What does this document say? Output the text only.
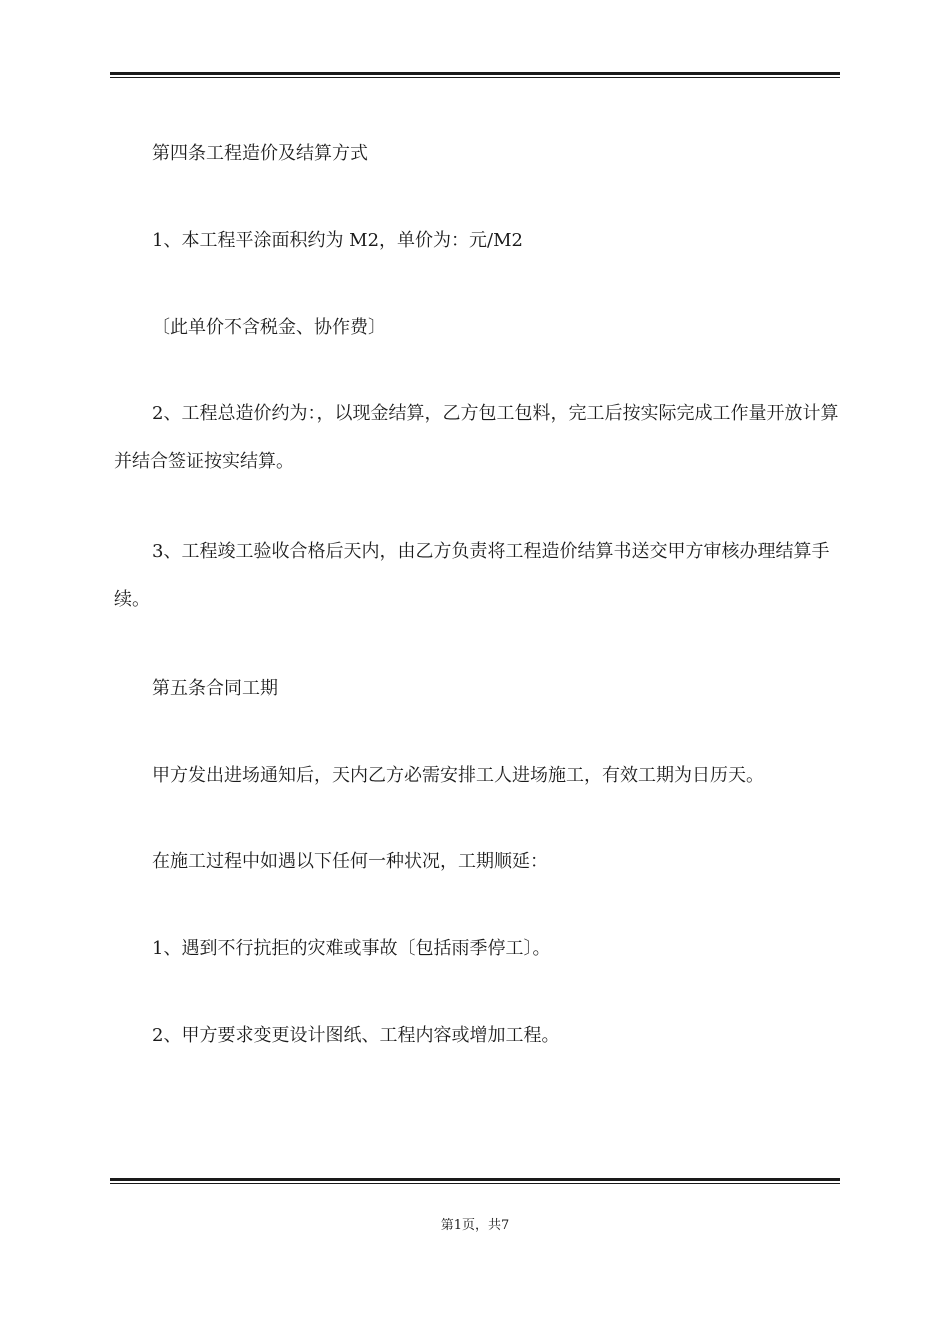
第四条工程造价及结算方式

1、本工程平涂面积约为 M2，单价为：元/M2

〔此单价不含税金、协作费〕

2、工程总造价约为：，以现金结算，乙方包工包料，完工后按实际完成工作量开放计算并结合签证按实结算。

3、工程竣工验收合格后天内，由乙方负责将工程造价结算书送交甲方审核办理结算手续。

第五条合同工期

甲方发出进场通知后，天内乙方必需安排工人进场施工，有效工期为日历天。

在施工过程中如遇以下任何一种状况，工期顺延：

1、遇到不行抗拒的灾难或事故〔包括雨季停工〕。

2、甲方要求变更设计图纸、工程内容或增加工程。

第1页，共7
